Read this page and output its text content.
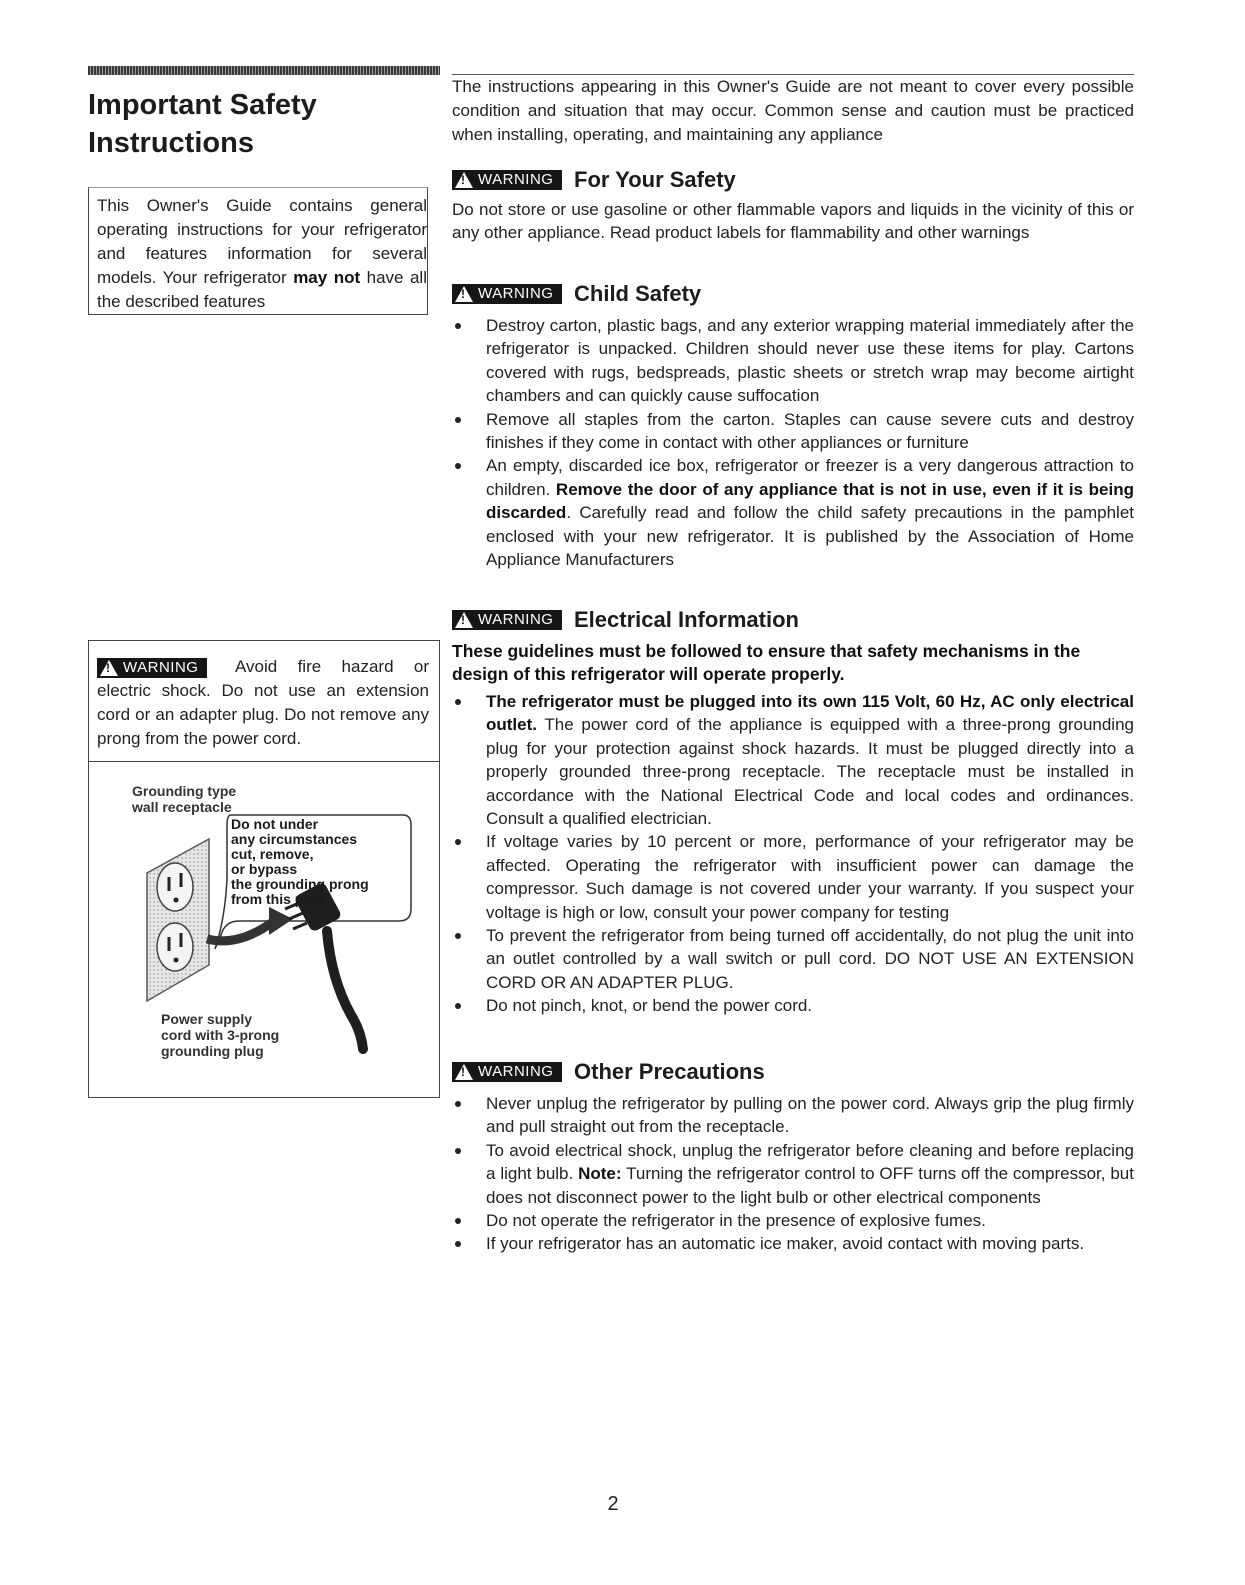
Important Safety
Instructions
This Owner's Guide contains general operating instructions for your refrigerator and features information for several models. Your refrigerator may not have all the described features
!
WARNING Avoid fire hazard or electric shock. Do not use an extension cord or an adapter plug. Do not remove any prong from the power cord.
Grounding type
wall receptacle
Do not under
any circumstances
cut, remove,
or bypass
the grounding prong
from this plug.
Power supply
cord with 3-prong
grounding plug
The instructions appearing in this Owner's Guide are not meant to cover every possible condition and situation that may occur. Common sense and caution must be practiced when installing, operating, and maintaining any appliance
!
WARNING For Your Safety

Do not store or use gasoline or other flammable vapors and liquids in the vicinity of this or any other appliance. Read product labels for flammability and other warnings

!
WARNING Child Safety
Destroy carton, plastic bags, and any exterior wrapping material immediately after the refrigerator is unpacked. Children should never use these items for play. Cartons covered with rugs, bedspreads, plastic sheets or stretch wrap may become airtight chambers and can quickly cause suffocation
Remove all staples from the carton. Staples can cause severe cuts and destroy finishes if they come in contact with other appliances or furniture
An empty, discarded ice box, refrigerator or freezer is a very dangerous attraction to children. Remove the door of any appliance that is not in use, even if it is being discarded. Carefully read and follow the child safety precautions in the pamphlet enclosed with your new refrigerator. It is published by the Association of Home Appliance Manufacturers
!
WARNING Electrical Information

These guidelines must be followed to ensure that safety mechanisms in the design of this refrigerator will operate properly.

The refrigerator must be plugged into its own 115 Volt, 60 Hz, AC only electrical outlet. The power cord of the appliance is equipped with a three-prong grounding plug for your protection against shock hazards. It must be plugged directly into a properly grounded three-prong receptacle. The receptacle must be installed in accordance with the National Electrical Code and local codes and ordinances. Consult a qualified electrician.
If voltage varies by 10 percent or more, performance of your refrigerator may be affected. Operating the refrigerator with insufficient power can damage the compressor. Such damage is not covered under your warranty. If you suspect your voltage is high or low, consult your power company for testing
To prevent the refrigerator from being turned off accidentally, do not plug the unit into an outlet controlled by a wall switch or pull cord. DO NOT USE AN EXTENSION CORD OR AN ADAPTER PLUG.
Do not pinch, knot, or bend the power cord.
!
WARNING Other Precautions
Never unplug the refrigerator by pulling on the power cord. Always grip the plug firmly and pull straight out from the receptacle.
To avoid electrical shock, unplug the refrigerator before cleaning and before replacing a light bulb. Note: Turning the refrigerator control to OFF turns off the compressor, but does not disconnect power to the light bulb or other electrical components
Do not operate the refrigerator in the presence of explosive fumes.
If your refrigerator has an automatic ice maker, avoid contact with moving parts.
2
